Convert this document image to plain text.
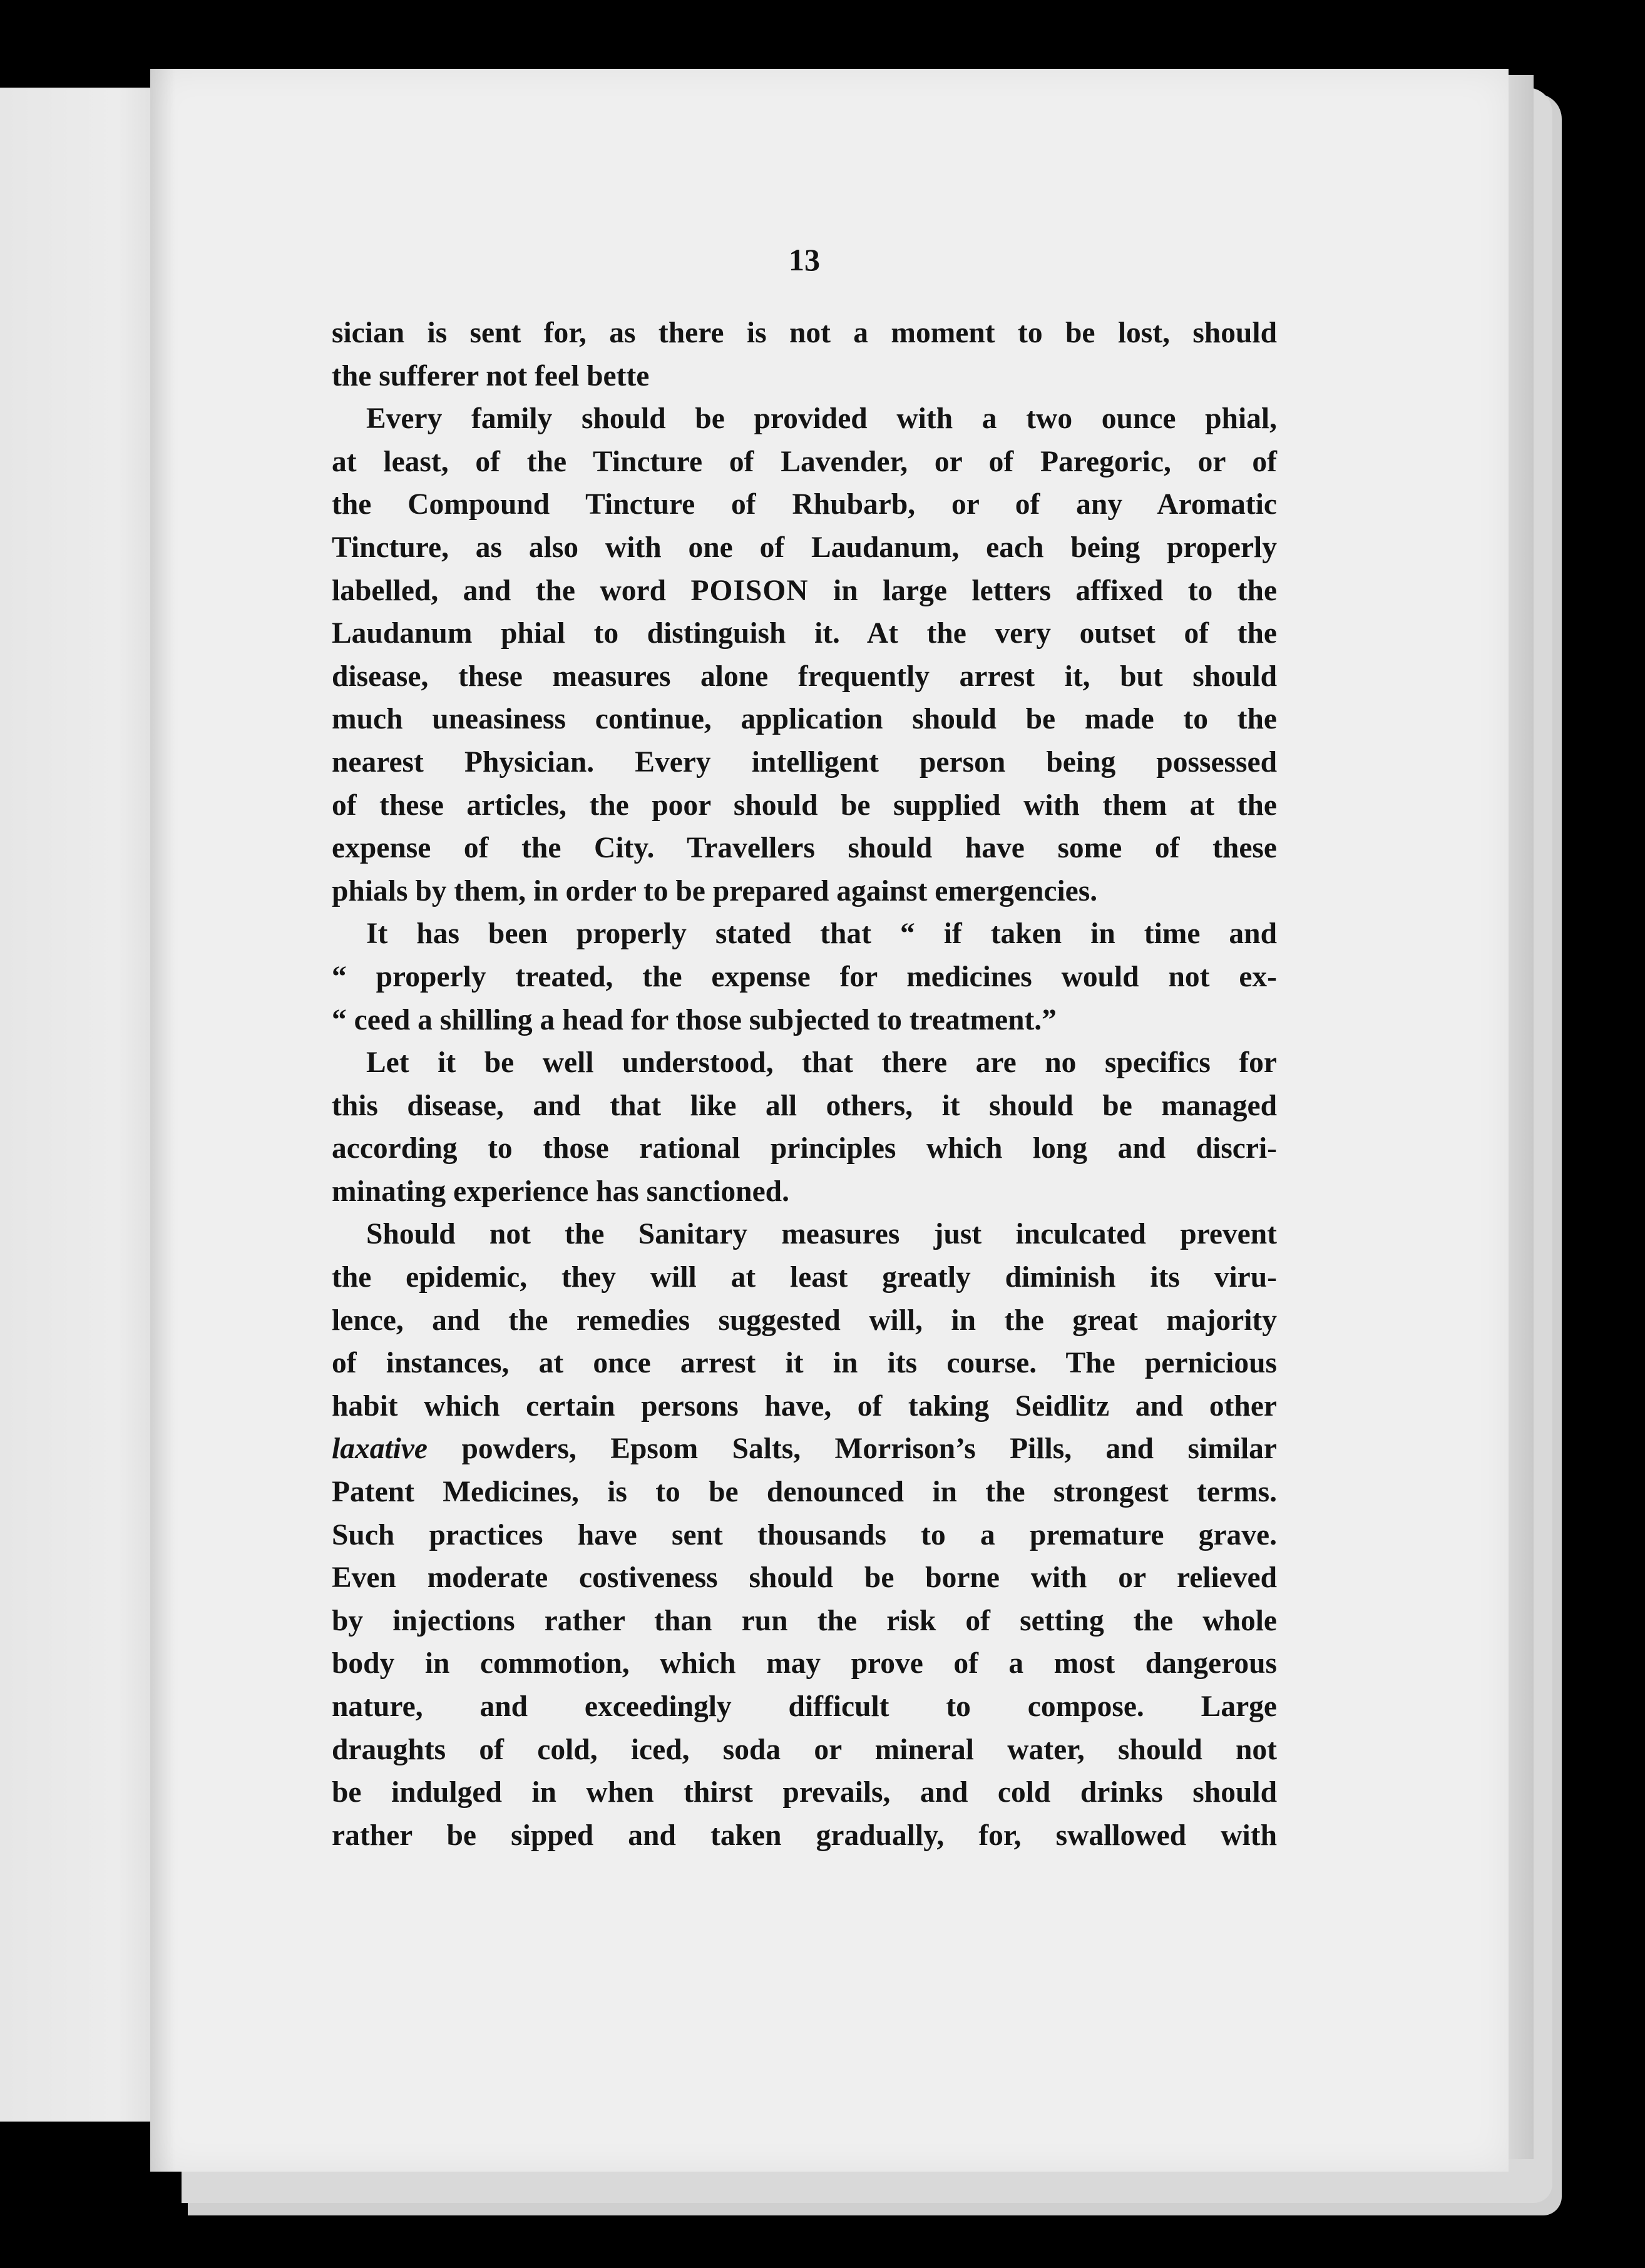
13
sician is sent for, as there is not a moment to be lost, should
the sufferer not feel bette
Every family should be provided with a two ounce phial,
at least, of the Tincture of Lavender, or of Paregoric, or of
the Compound Tincture of Rhubarb, or of any Aromatic
Tincture, as also with one of Laudanum, each being properly
labelled, and the word POISON in large letters affixed to the
Laudanum phial to distinguish it. At the very outset of the
disease, these measures alone frequently arrest it, but should
much uneasiness continue, application should be made to the
nearest Physician. Every intelligent person being possessed
of these articles, the poor should be supplied with them at the
expense of the City. Travellers should have some of these
phials by them, in order to be prepared against emergencies.
It has been properly stated that “ if taken in time and
“ properly treated, the expense for medicines would not ex-
“ ceed a shilling a head for those subjected to treatment.”
Let it be well understood, that there are no specifics for
this disease, and that like all others, it should be managed
according to those rational principles which long and discri-
minating experience has sanctioned.
Should not the Sanitary measures just inculcated prevent
the epidemic, they will at least greatly diminish its viru-
lence, and the remedies suggested will, in the great majority
of instances, at once arrest it in its course. The pernicious
habit which certain persons have, of taking Seidlitz and other
laxative powders, Epsom Salts, Morrison’s Pills, and similar
Patent Medicines, is to be denounced in the strongest terms.
Such practices have sent thousands to a premature grave.
Even moderate costiveness should be borne with or relieved
by injections rather than run the risk of setting the whole
body in commotion, which may prove of a most dangerous
nature, and exceedingly difficult to compose. Large
draughts of cold, iced, soda or mineral water, should not
be indulged in when thirst prevails, and cold drinks should
rather be sipped and taken gradually, for, swallowed with
